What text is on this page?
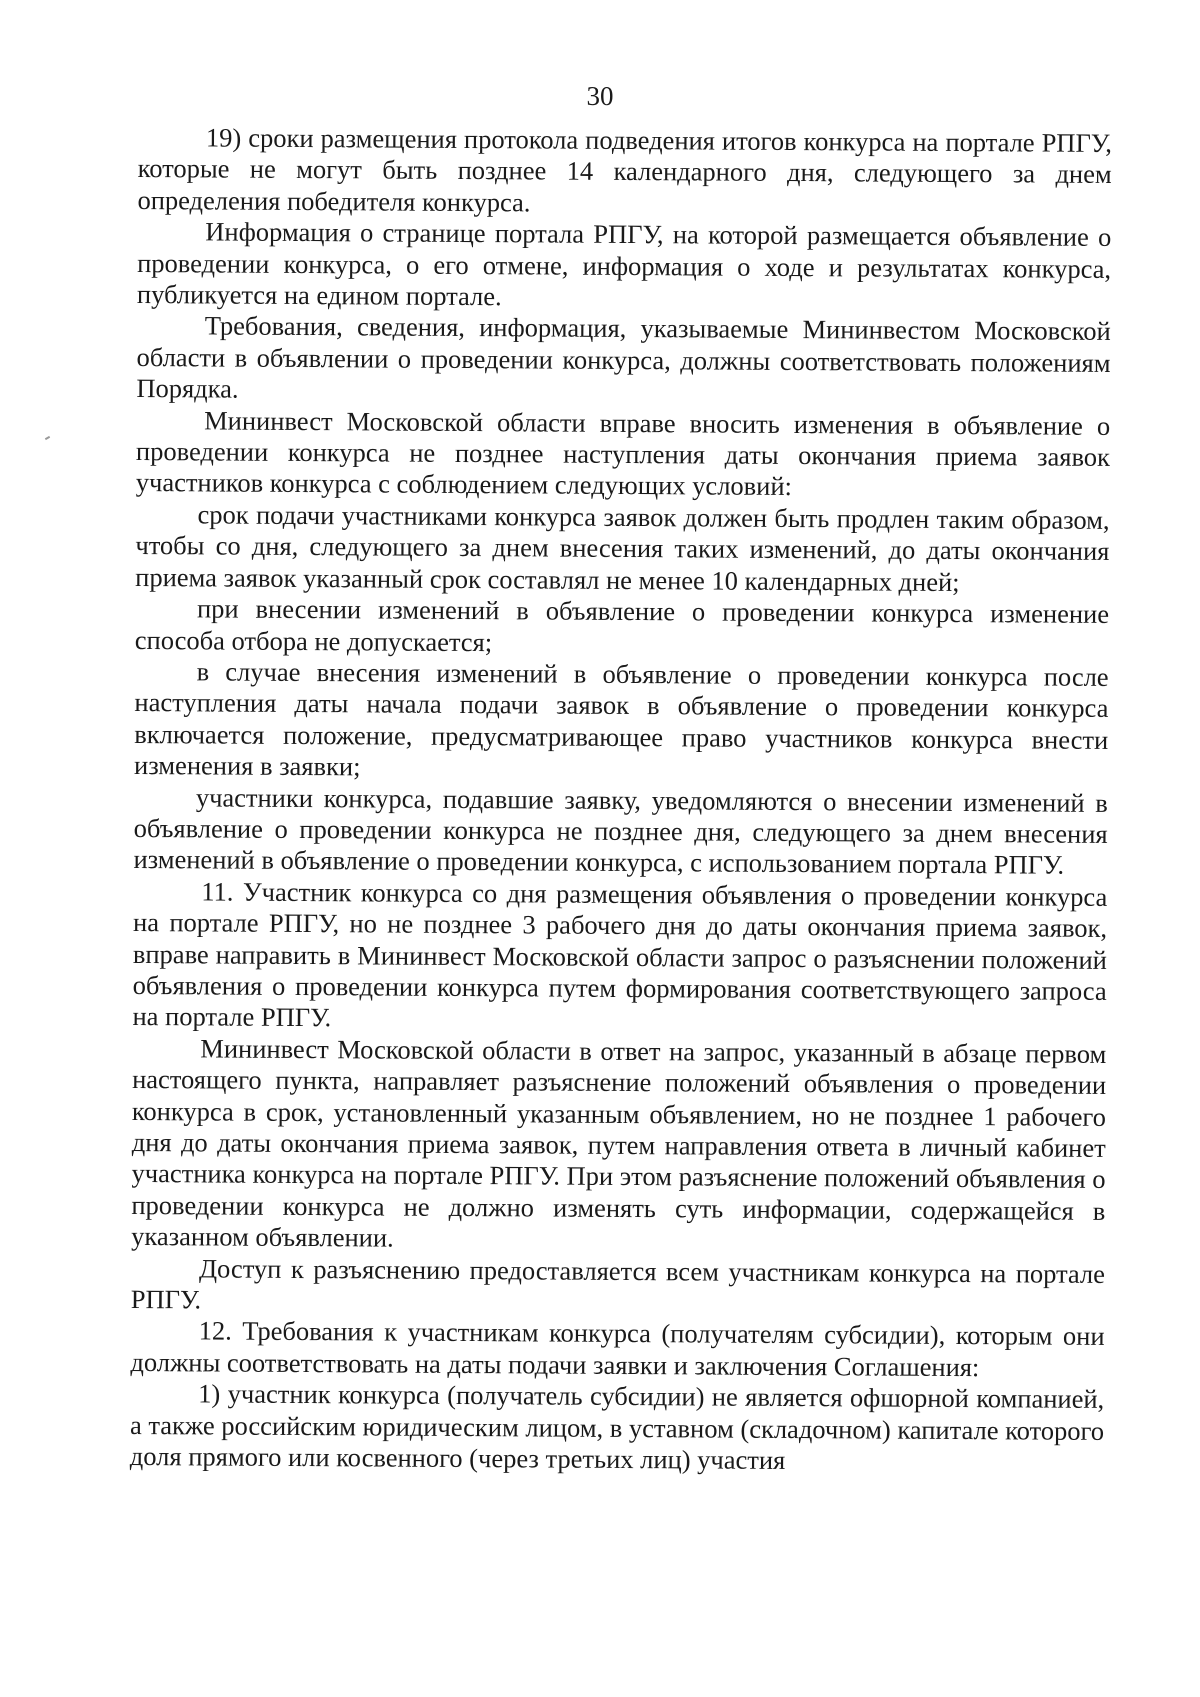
30

19) сроки размещения протокола подведения итогов конкурса на портале РПГУ, которые не могут быть позднее 14 календарного дня, следующего за днем определения победителя конкурса.

Информация о странице портала РПГУ, на которой размещается объявление о проведении конкурса, о его отмене, информация о ходе и результатах конкурса, публикуется на едином портале.

Требования, сведения, информация, указываемые Мининвестом Московской области в объявлении о проведении конкурса, должны соответствовать положениям Порядка.

Мининвест Московской области вправе вносить изменения в объявление о проведении конкурса не позднее наступления даты окончания приема заявок участников конкурса с соблюдением следующих условий:

срок подачи участниками конкурса заявок должен быть продлен таким образом, чтобы со дня, следующего за днем внесения таких изменений, до даты окончания приема заявок указанный срок составлял не менее 10 календарных дней;

при внесении изменений в объявление о проведении конкурса изменение способа отбора не допускается;

в случае внесения изменений в объявление о проведении конкурса после наступления даты начала подачи заявок в объявление о проведении конкурса включается положение, предусматривающее право участников конкурса внести изменения в заявки;

участники конкурса, подавшие заявку, уведомляются о внесении изменений в объявление о проведении конкурса не позднее дня, следующего за днем внесения изменений в объявление о проведении конкурса, с использованием портала РПГУ.

11. Участник конкурса со дня размещения объявления о проведении конкурса на портале РПГУ, но не позднее 3 рабочего дня до даты окончания приема заявок, вправе направить в Мининвест Московской области запрос о разъяснении положений объявления о проведении конкурса путем формирования соответствующего запроса на портале РПГУ.

Мининвест Московской области в ответ на запрос, указанный в абзаце первом настоящего пункта, направляет разъяснение положений объявления о проведении конкурса в срок, установленный указанным объявлением, но не позднее 1 рабочего дня до даты окончания приема заявок, путем направления ответа в личный кабинет участника конкурса на портале РПГУ. При этом разъяснение положений объявления о проведении конкурса не должно изменять суть информации, содержащейся в указанном объявлении.

Доступ к разъяснению предоставляется всем участникам конкурса на портале РПГУ.

12. Требования к участникам конкурса (получателям субсидии), которым они должны соответствовать на даты подачи заявки и заключения Соглашения:

1) участник конкурса (получатель субсидии) не является офшорной компанией, а также российским юридическим лицом, в уставном (складочном) капитале которого доля прямого или косвенного (через третьих лиц) участия
